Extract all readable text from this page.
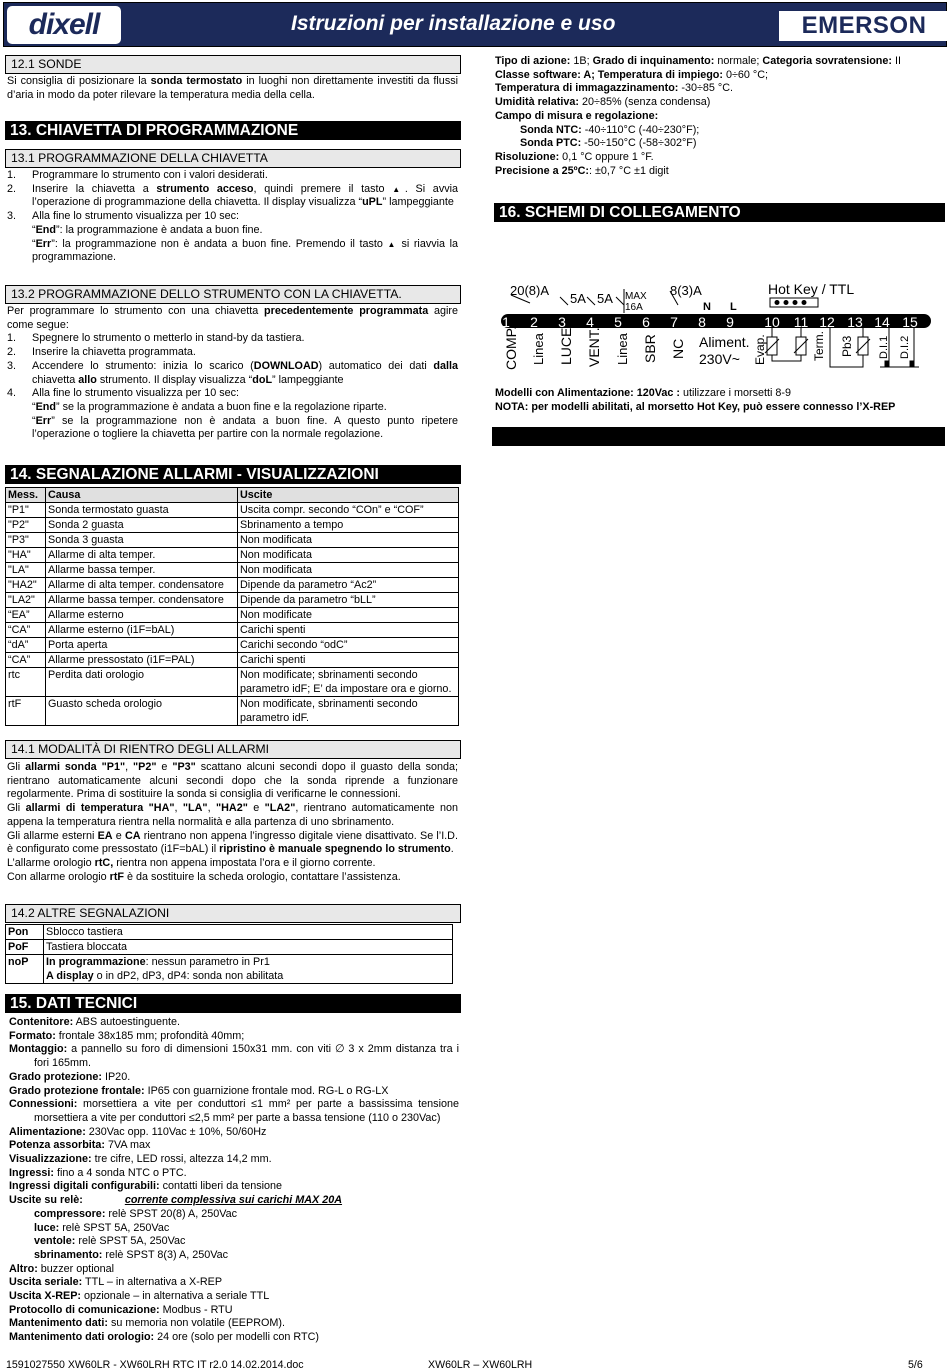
dixell	Istruzioni per installazione e uso	EMERSON
12.1 SONDE

Si consiglia di posizionare la sonda termostato in luoghi non direttamente investiti da flussi d’aria in modo da poter rilevare la temperatura media della cella.

13. CHIAVETTA DI PROGRAMMAZIONE
13.1 PROGRAMMAZIONE DELLA CHIAVETTA
1. Programmare lo strumento con i valori desiderati.
2. Inserire la chiavetta a strumento acceso, quindi premere il tasto ▲. Si avvia l’operazione di programmazione della chiavetta. Il display visualizza “uPL” lampeggiante
3. Alla fine lo strumento visualizza per 10 sec:
“End”: la programmazione è andata a buon fine.
“Err”: la programmazione non è andata a buon fine. Premendo il tasto ▲ si riavvia la programmazione.
13.2 PROGRAMMAZIONE DELLO STRUMENTO CON LA CHIAVETTA.

Per programmare lo strumento con una chiavetta precedentemente programmata agire come segue:

1. Spegnere lo strumento o metterlo in stand-by da tastiera.
2. Inserire la chiavetta programmata.
3. Accendere lo strumento: inizia lo scarico (DOWNLOAD) automatico dei dati dalla chiavetta allo strumento. Il display visualizza “doL” lampeggiante
4. Alla fine lo strumento visualizza per 10 sec:
“End” se la programmazione è andata a buon fine e la regolazione riparte.
“Err” se la programmazione non è andata a buon fine. A questo punto ripetere l’operazione o togliere la chiavetta per partire con la normale regolazione.
14. SEGNALAZIONE ALLARMI - VISUALIZZAZIONI
Mess.	Causa	Uscite
"P1"	Sonda termostato guasta	Uscita compr. secondo “COn” e “COF”
"P2"	Sonda 2 guasta	Sbrinamento a tempo
"P3"	Sonda 3 guasta	Non modificata
"HA"	Allarme di alta temper.	Non modificata
"LA"	Allarme bassa temper.	Non modificata
"HA2"	Allarme di alta temper. condensatore	Dipende da parametro “Ac2”
"LA2"	Allarme bassa temper. condensatore	Dipende da parametro “bLL”
“EA”	Allarme esterno	Non modificate
“CA”	Allarme esterno (i1F=bAL)	Carichi spenti
“dA”	Porta aperta	Carichi secondo “odC”
“CA”	Allarme pressostato (i1F=PAL)	Carichi spenti
rtc	Perdita dati orologio	Non modificate; sbrinamenti secondo parametro idF; E’ da impostare ora e giorno.
rtF	Guasto scheda orologio	Non modificate, sbrinamenti secondo parametro idF.
14.1 MODALITÀ DI RIENTRO DEGLI ALLARMI

Gli allarmi sonda "P1", "P2" e "P3" scattano alcuni secondi dopo il guasto della sonda; rientrano automaticamente alcuni secondi dopo che la sonda riprende a funzionare regolarmente. Prima di sostituire la sonda si consiglia di verificarne le connessioni.

Gli allarmi di temperatura "HA", "LA", "HA2" e "LA2", rientrano automaticamente non appena la temperatura rientra nella normalità e alla partenza di uno sbrinamento.

Gli allarme esterni EA e CA rientrano non appena l’ingresso digitale viene disattivato. Se l’I.D. è configurato come pressostato (i1F=bAL) il ripristino è manuale spegnendo lo strumento.

L’allarme orologio rtC, rientra non appena impostata l’ora e il giorno corrente.

Con allarme orologio rtF è da sostituire la scheda orologio, contattare l’assistenza.

14.2 ALTRE SEGNALAZIONI
Pon	Sblocco tastiera
PoF	Tastiera bloccata
noP	In programmazione: nessun parametro in Pr1
A display o in dP2, dP3, dP4: sonda non abilitata
15. DATI TECNICI

Contenitore: ABS autoestinguente.

Formato: frontale 38x185 mm; profondità 40mm;

Montaggio: a pannello su foro di dimensioni 150x31 mm. con viti ∅ 3 x 2mm distanza tra i fori 165mm.

Grado protezione: IP20.

Grado protezione frontale: IP65 con guarnizione frontale mod. RG-L o RG-LX

Connessioni: morsettiera a vite per conduttori ≤1 mm² per parte a bassissima tensione morsettiera a vite per conduttori ≤2,5 mm² per parte a bassa tensione (110 o 230Vac)

Alimentazione: 230Vac opp. 110Vac ± 10%, 50/60Hz

Potenza assorbita: 7VA max

Visualizzazione: tre cifre, LED rossi, altezza 14,2 mm.

Ingressi: fino a 4 sonda NTC o PTC.

Ingressi digitali configurabili: contatti liberi da tensione

Uscite su relè:	corrente complessiva sui carichi MAX 20A

compressore: relè SPST 20(8) A, 250Vac

luce: relè SPST 5A, 250Vac

ventole: relè SPST 5A, 250Vac

sbrinamento: relè SPST 8(3) A, 250Vac

Altro: buzzer optional

Uscita seriale: TTL – in alternativa a X-REP

Uscita X-REP: opzionale – in alternativa a seriale TTL

Protocollo di comunicazione: Modbus - RTU

Mantenimento dati: su memoria non volatile (EEPROM).

Mantenimento dati orologio: 24 ore (solo per modelli con RTC)

Tipo di azione: 1B; Grado di inquinamento: normale; Categoria sovratensione: II

Classe software: A; Temperatura di impiego: 0÷60 °C;

Temperatura di immagazzinamento: -30÷85 °C.

Umidità relativa: 20÷85% (senza condensa)

Campo di misura e regolazione:

Sonda NTC: -40÷110°C (-40÷230°F);

Sonda PTC: -50÷150°C (-58÷302°F)

Risoluzione: 0,1 °C oppure 1 °F.

Precisione a 25ºC:: ±0,7 °C ±1 digit

16. SCHEMI DI COLLEGAMENTO
1 2 3 4 5 6 7 8 9 10 11 12 13 14 15
20(8)A
5A 5A MAX
16A
8(3)A
N L
Hot Key / TTL
COMP. Linea LUCE VENT. Linea SBR NC Aliment.
230V~ Evap.	Term. Pb3 D.I.1 D.I.2

Modelli con Alimentazione: 120Vac : utilizzare i morsetti 8-9

NOTA: per modelli abilitati, al morsetto Hot Key, può essere connesso l’X-REP

1591027550 XW60LR - XW60LRH RTC IT r2.0 14.02.2014.doc	XW60LR – XW60LRH	5/6
